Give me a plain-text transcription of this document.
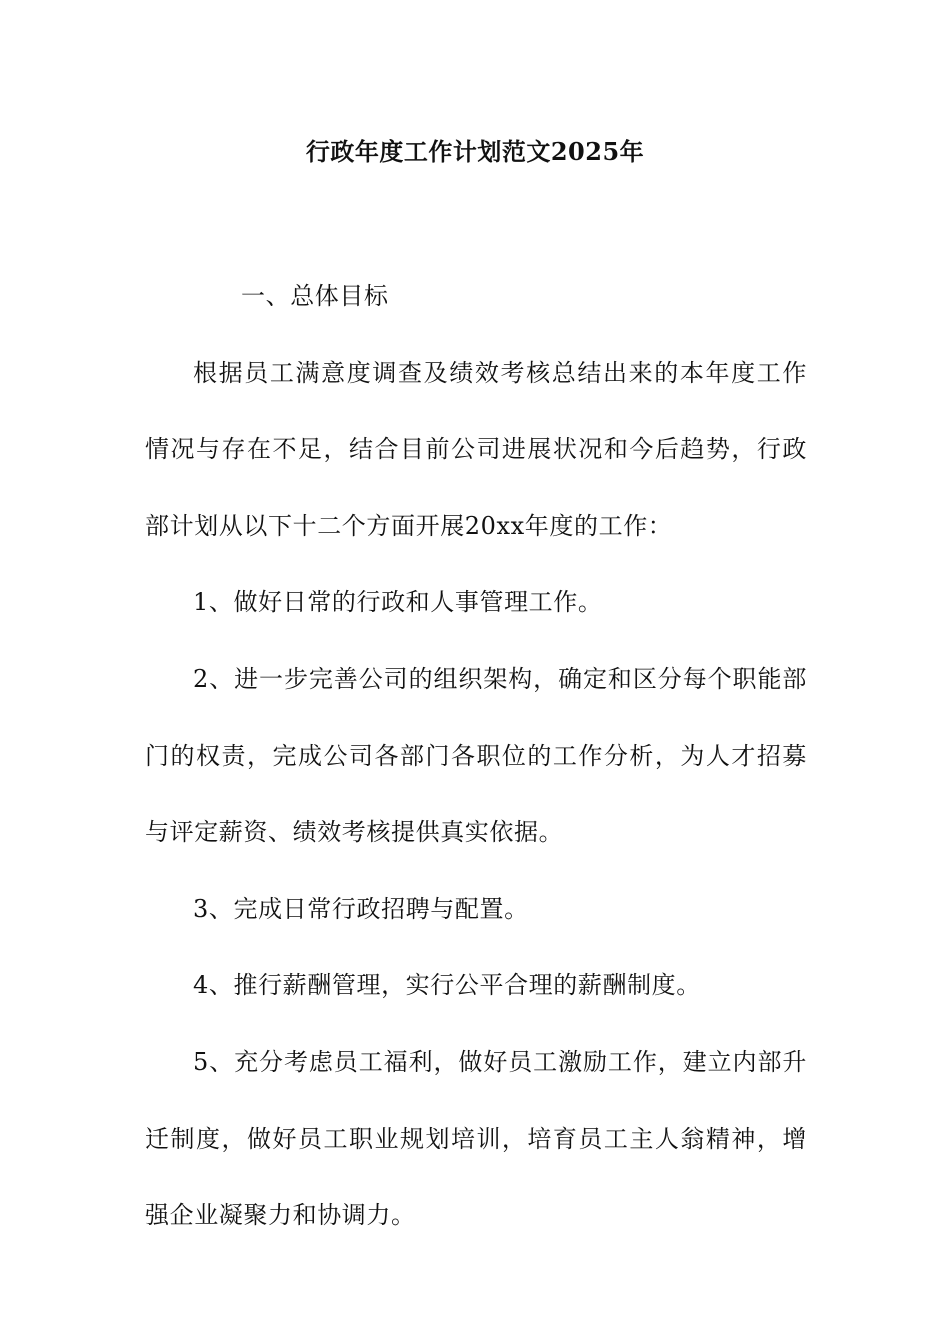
行政年度工作计划范文2025年

一、总体目标

根据员工满意度调查及绩效考核总结出来的本年度工作情况与存在不足，结合目前公司进展状况和今后趋势，行政部计划从以下十二个方面开展20xx年度的工作：

1、做好日常的行政和人事管理工作。

2、进一步完善公司的组织架构，确定和区分每个职能部门的权责，完成公司各部门各职位的工作分析，为人才招募与评定薪资、绩效考核提供真实依据。

3、完成日常行政招聘与配置。

4、推行薪酬管理，实行公平合理的薪酬制度。

5、充分考虑员工福利，做好员工激励工作，建立内部升迁制度，做好员工职业规划培训，培育员工主人翁精神，增强企业凝聚力和协调力。
